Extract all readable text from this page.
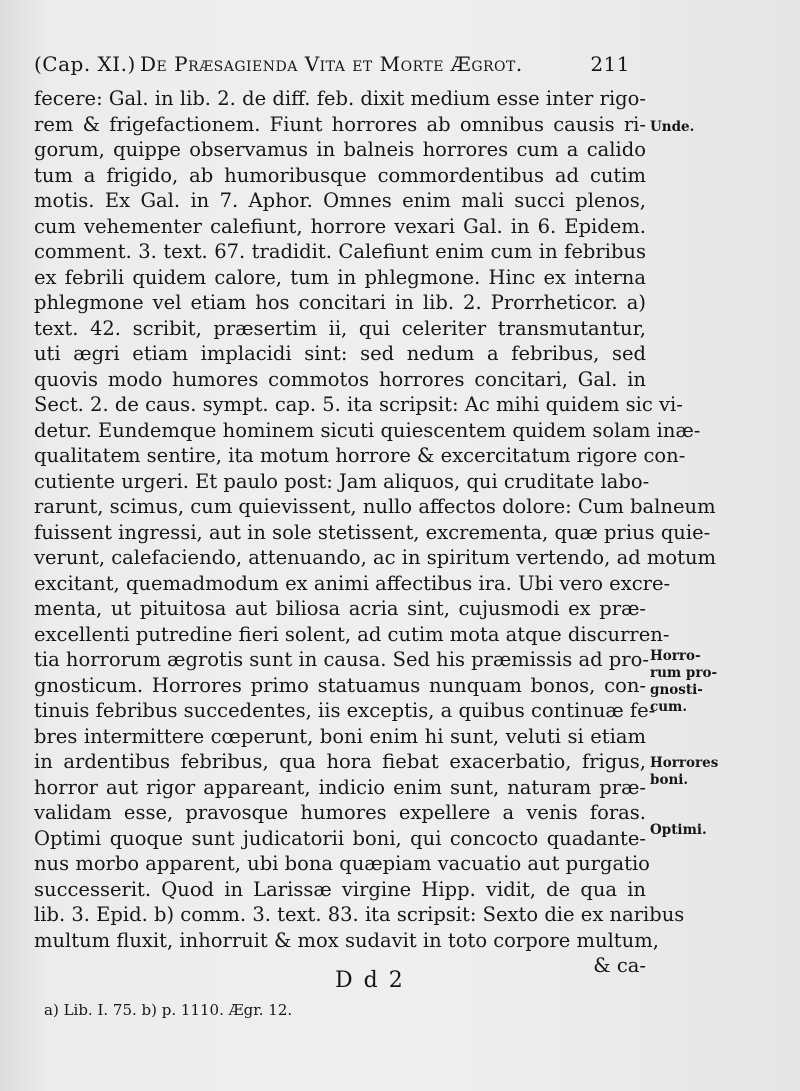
(Cap. XI.) De Præsagienda Vita et Morte Ægrot.	211
fecere: Gal. in lib. 2. de diff. feb. dixit medium esse inter rigo-
rem & frigefactionem. Fiunt horrores ab omnibus causis ri-
gorum, quippe observamus in balneis horrores cum a calido
tum a frigido, ab humoribusque commordentibus ad cutim
motis. Ex Gal. in 7. Aphor. Omnes enim mali succi plenos,
cum vehementer calefiunt, horrore vexari Gal. in 6. Epidem.
comment. 3. text. 67. tradidit. Calefiunt enim cum in febribus
ex febrili quidem calore, tum in phlegmone. Hinc ex interna
phlegmone vel etiam hos concitari in lib. 2. Prorrheticor. a)
text. 42. scribit, præsertim ii, qui celeriter transmutantur,
uti ægri etiam implacidi sint: sed nedum a febribus, sed
quovis modo humores commotos horrores concitari, Gal. in
Sect. 2. de caus. sympt. cap. 5. ita scripsit: Ac mihi quidem sic vi-
detur. Eundemque hominem sicuti quiescentem quidem solam inæ-
qualitatem sentire, ita motum horrore & excercitatum rigore con-
cutiente urgeri. Et paulo post: Jam aliquos, qui cruditate labo-
rarunt, scimus, cum quievissent, nullo affectos dolore: Cum balneum
fuissent ingressi, aut in sole stetissent, excrementa, quæ prius quie-
verunt, calefaciendo, attenuando, ac in spiritum vertendo, ad motum
excitant, quemadmodum ex animi affectibus ira. Ubi vero excre-
menta, ut pituitosa aut biliosa acria sint, cujusmodi ex præ-
excellenti putredine fieri solent, ad cutim mota atque discurren-
tia horrorum ægrotis sunt in causa. Sed his præmissis ad pro-
gnosticum. Horrores primo statuamus nunquam bonos, con-
tinuis febribus succedentes, iis exceptis, a quibus continuæ fe-
bres intermittere cœperunt, boni enim hi sunt, veluti si etiam
in ardentibus febribus, qua hora fiebat exacerbatio, frigus,
horror aut rigor appareant, indicio enim sunt, naturam præ-
validam esse, pravosque humores expellere a venis foras.
Optimi quoque sunt judicatorii boni, qui concocto quadante-
nus morbo apparent, ubi bona quæpiam vacuatio aut purgatio
successerit. Quod in Larissæ virgine Hipp. vidit, de qua in
lib. 3. Epid. b) comm. 3. text. 83. ita scripsit: Sexto die ex naribus
multum fluxit, inhorruit & mox sudavit in toto corpore multum,
& ca-
Unde.
Horro-
rum pro-
gnosti-
cum.
Horrores
boni.
Optimi.
D d 2
a) Lib. I. 75. b) p. 1110. Ægr. 12.
